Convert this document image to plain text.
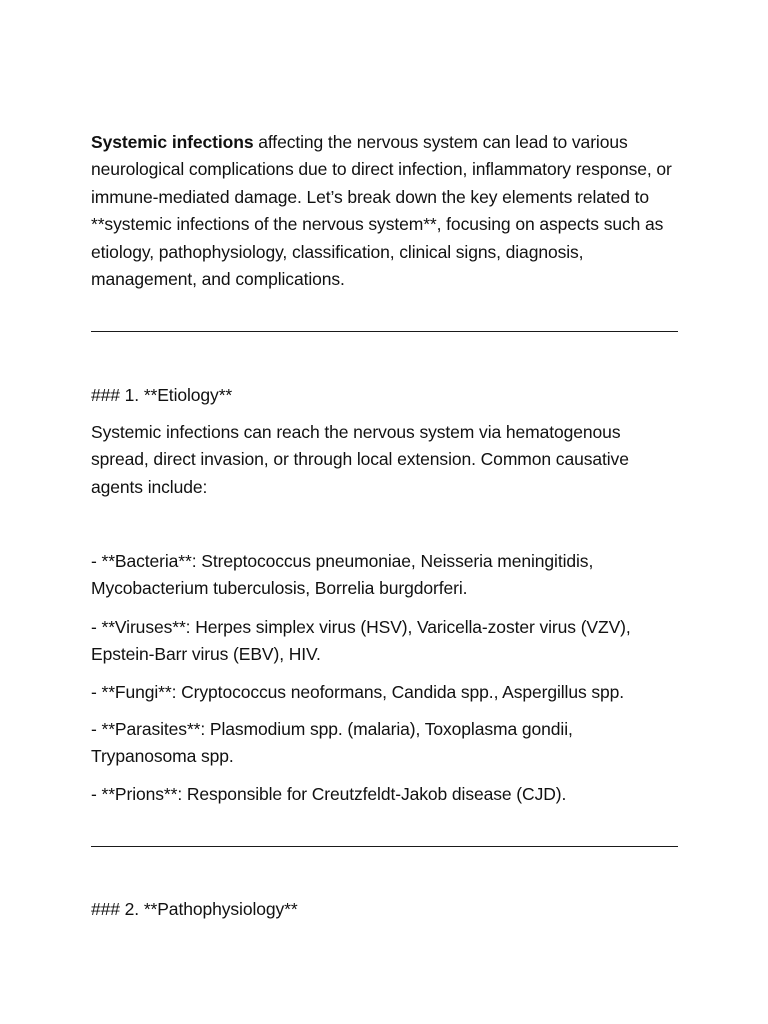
Systemic infections affecting the nervous system can lead to various neurological complications due to direct infection, inflammatory response, or immune-mediated damage. Let’s break down the key elements related to **systemic infections of the nervous system**, focusing on aspects such as etiology, pathophysiology, classification, clinical signs, diagnosis, management, and complications.

### 1. **Etiology**

Systemic infections can reach the nervous system via hematogenous spread, direct invasion, or through local extension. Common causative agents include:

- **Bacteria**: Streptococcus pneumoniae, Neisseria meningitidis, Mycobacterium tuberculosis, Borrelia burgdorferi.
- **Viruses**: Herpes simplex virus (HSV), Varicella-zoster virus (VZV), Epstein-Barr virus (EBV), HIV.
- **Fungi**: Cryptococcus neoformans, Candida spp., Aspergillus spp.
- **Parasites**: Plasmodium spp. (malaria), Toxoplasma gondii, Trypanosoma spp.
- **Prions**: Responsible for Creutzfeldt-Jakob disease (CJD).
### 2. **Pathophysiology**
